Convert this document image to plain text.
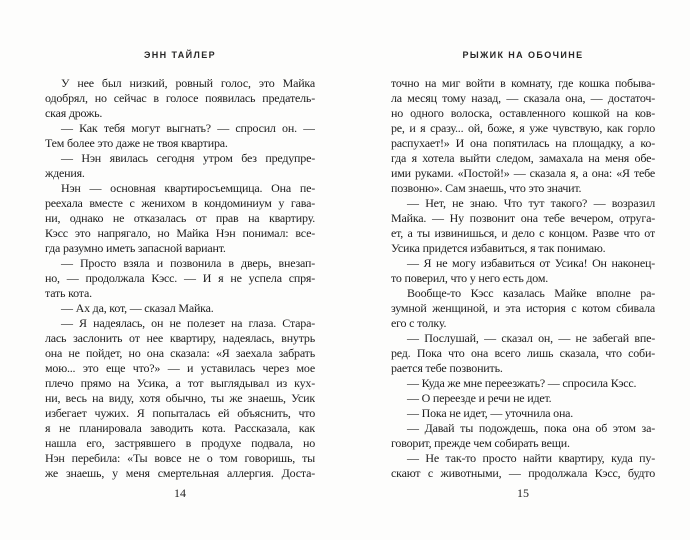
ЭНН ТАЙЛЕР
У нее был низкий, ровный голос, это Майка
одобрял, но сейчас в голосе появилась предатель-
ская дрожь.
— Как тебя могут выгнать? — спросил он. —
Тем более это даже не твоя квартира.
— Нэн явилась сегодня утром без предупре-
ждения.
Нэн — основная квартиросъемщица. Она пе-
реехала вместе с женихом в кондоминиум у гава-
ни, однако не отказалась от прав на квартиру.
Кэсс это напрягало, но Майка Нэн понимал: все-
гда разумно иметь запасной вариант.
— Просто взяла и позвонила в дверь, внезап-
но, — продолжала Кэсс. — И я не успела спря-
тать кота.
— Ах да, кот, — сказал Майка.
— Я надеялась, он не полезет на глаза. Стара-
лась заслонить от нее квартиру, надеялась, внутрь
она не пойдет, но она сказала: «Я заехала забрать
мою... это еще что?» — и уставилась через мое
плечо прямо на Усика, а тот выглядывал из кух-
ни, весь на виду, хотя обычно, ты же знаешь, Усик
избегает чужих. Я попыталась ей объяснить, что
я не планировала заводить кота. Рассказала, как
нашла его, застрявшего в продухе подвала, но
Нэн перебила: «Ты вовсе не о том говоришь, ты
же знаешь, у меня смертельная аллергия. Доста-
14
РЫЖИК НА ОБОЧИНЕ
точно на миг войти в комнату, где кошка побыва-
ла месяц тому назад, — сказала она, — достаточ-
но одного волоска, оставленного кошкой на ков-
ре, и я сразу... ой, боже, я уже чувствую, как горло
распухает!» И она попятилась на площадку, а ко-
гда я хотела выйти следом, замахала на меня обе-
ими руками. «Постой!» — сказала я, а она: «Я тебе
позвоню». Сам знаешь, что это значит.
— Нет, не знаю. Что тут такого? — возразил
Майка. — Ну позвонит она тебе вечером, отруга-
ет, а ты извинишься, и дело с концом. Разве что от
Усика придется избавиться, я так понимаю.
— Я не могу избавиться от Усика! Он наконец-
то поверил, что у него есть дом.
Вообще-то Кэсс казалась Майке вполне ра-
зумной женщиной, и эта история с котом сбивала
его с толку.
— Послушай, — сказал он, — не забегай впе-
ред. Пока что она всего лишь сказала, что соби-
рается тебе позвонить.
— Куда же мне переезжать? — спросила Кэсс.
— О переезде и речи не идет.
— Пока не идет, — уточнила она.
— Давай ты подождешь, пока она об этом за-
говорит, прежде чем собирать вещи.
— Не так-то просто найти квартиру, куда пу-
скают с животными, — продолжала Кэсс, будто
15
